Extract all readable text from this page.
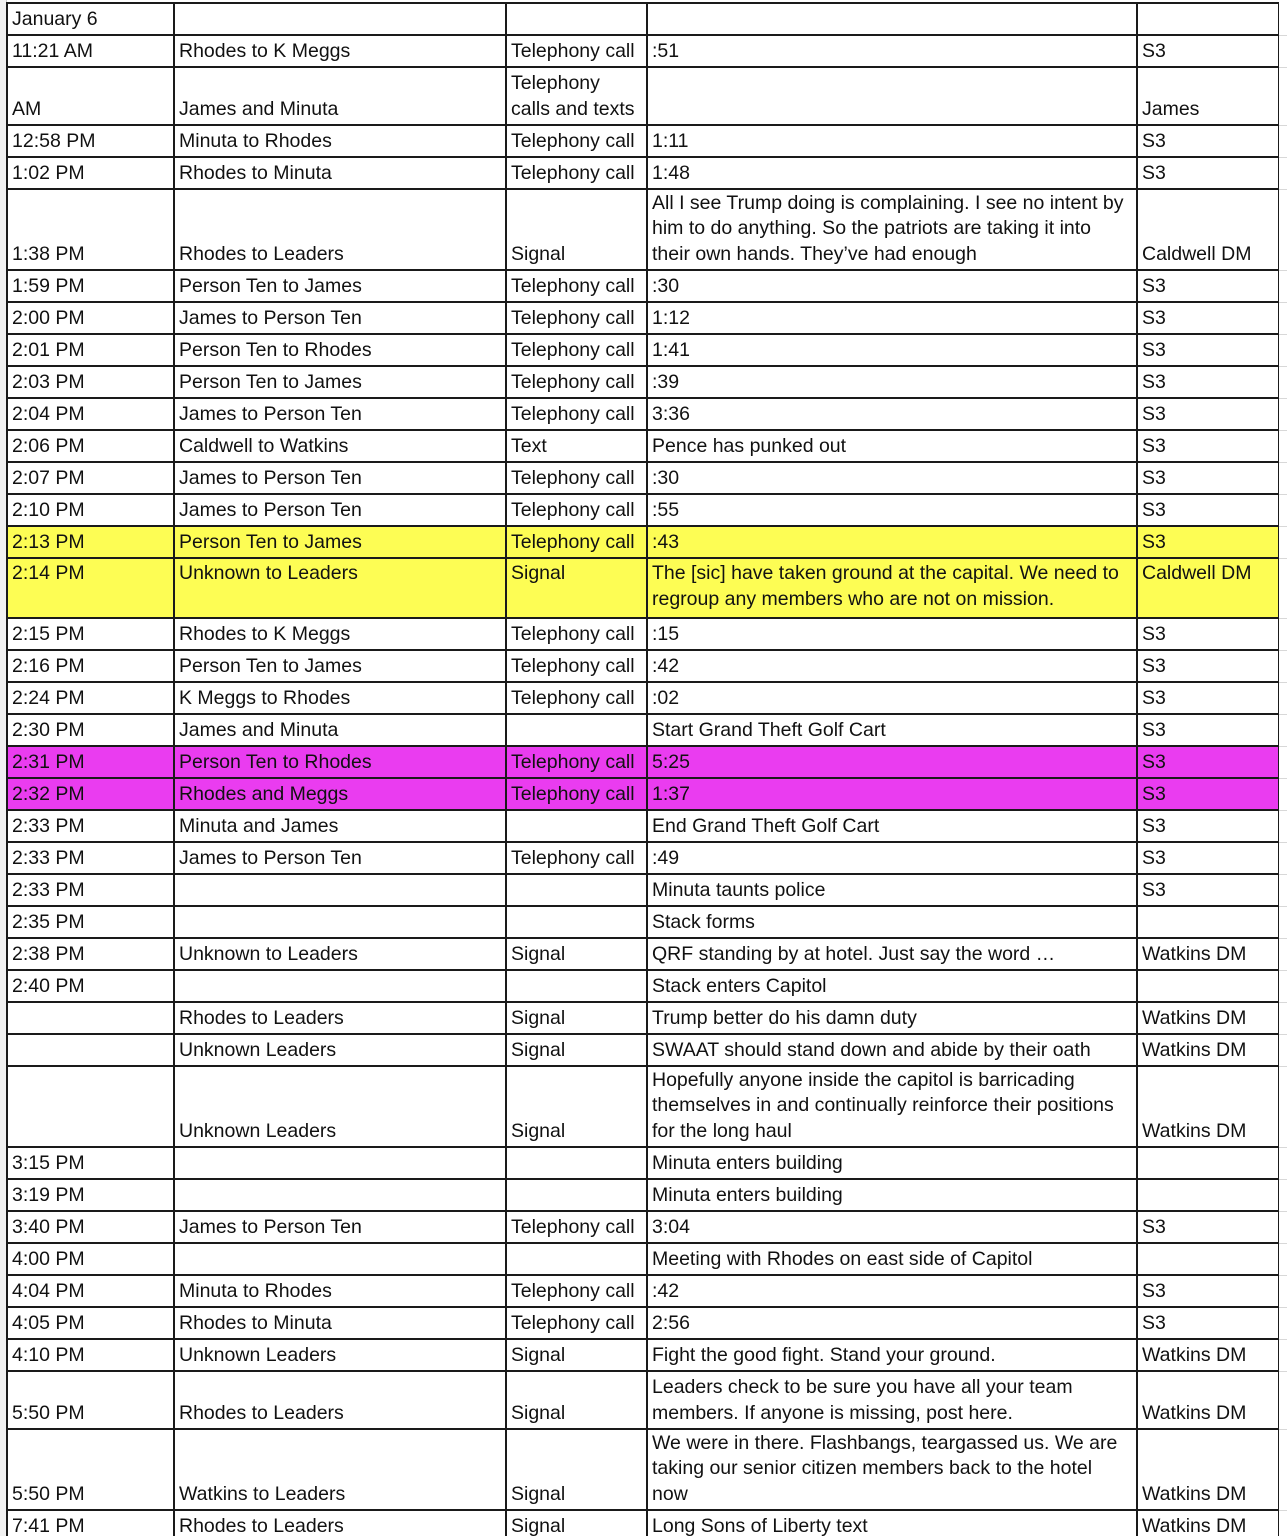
January 6				
11:21 AM	Rhodes to K Meggs	Telephony call	:51	S3
AM	James and Minuta	Telephony calls and texts		James
12:58 PM	Minuta to Rhodes	Telephony call	1:11	S3
1:02 PM	Rhodes to Minuta	Telephony call	1:48	S3
1:38 PM	Rhodes to Leaders	Signal	All I see Trump doing is complaining. I see no intent by him to do anything. So the patriots are taking it into their own hands. They’ve had enough	Caldwell DM
1:59 PM	Person Ten to James	Telephony call	:30	S3
2:00 PM	James to Person Ten	Telephony call	1:12	S3
2:01 PM	Person Ten to Rhodes	Telephony call	1:41	S3
2:03 PM	Person Ten to James	Telephony call	:39	S3
2:04 PM	James to Person Ten	Telephony call	3:36	S3
2:06 PM	Caldwell to Watkins	Text	Pence has punked out	S3
2:07 PM	James to Person Ten	Telephony call	:30	S3
2:10 PM	James to Person Ten	Telephony call	:55	S3
2:13 PM	Person Ten to James	Telephony call	:43	S3
2:14 PM	Unknown to Leaders	Signal	The [sic] have taken ground at the capital. We need to regroup any members who are not on mission.	Caldwell DM
2:15 PM	Rhodes to K Meggs	Telephony call	:15	S3
2:16 PM	Person Ten to James	Telephony call	:42	S3
2:24 PM	K Meggs to Rhodes	Telephony call	:02	S3
2:30 PM	James and Minuta		Start Grand Theft Golf Cart	S3
2:31 PM	Person Ten to Rhodes	Telephony call	5:25	S3
2:32 PM	Rhodes and Meggs	Telephony call	1:37	S3
2:33 PM	Minuta and James		End Grand Theft Golf Cart	S3
2:33 PM	James to Person Ten	Telephony call	:49	S3
2:33 PM			Minuta taunts police	S3
2:35 PM			Stack forms	
2:38 PM	Unknown to Leaders	Signal	QRF standing by at hotel. Just say the word …	Watkins DM
2:40 PM			Stack enters Capitol	
	Rhodes to Leaders	Signal	Trump better do his damn duty	Watkins DM
	Unknown Leaders	Signal	SWAAT should stand down and abide by their oath	Watkins DM
	Unknown Leaders	Signal	Hopefully anyone inside the capitol is barricading themselves in and continually reinforce their positions for the long haul	Watkins DM
3:15 PM			Minuta enters building	
3:19 PM			Minuta enters building	
3:40 PM	James to Person Ten	Telephony call	3:04	S3
4:00 PM			Meeting with Rhodes on east side of Capitol	
4:04 PM	Minuta to Rhodes	Telephony call	:42	S3
4:05 PM	Rhodes to Minuta	Telephony call	2:56	S3
4:10 PM	Unknown Leaders	Signal	Fight the good fight. Stand your ground.	Watkins DM
5:50 PM	Rhodes to Leaders	Signal	Leaders check to be sure you have all your team members. If anyone is missing, post here.	Watkins DM
5:50 PM	Watkins to Leaders	Signal	We were in there. Flashbangs, teargassed us. We are taking our senior citizen members back to the hotel now	Watkins DM
7:41 PM	Rhodes to Leaders	Signal	Long Sons of Liberty text	Watkins DM
